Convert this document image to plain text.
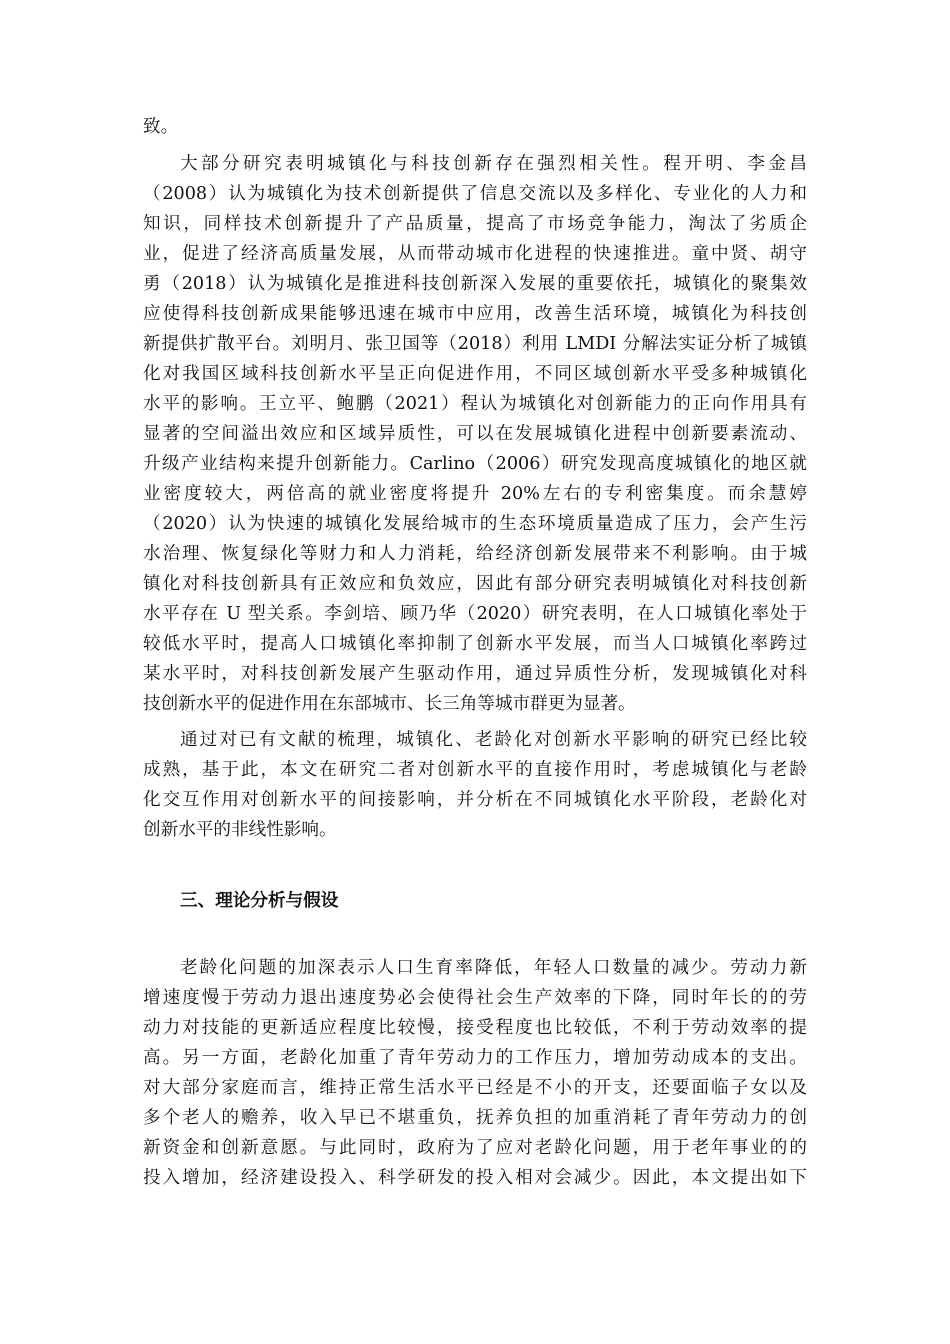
致。
大部分研究表明城镇化与科技创新存在强烈相关性。程开明、李金昌
（2008）认为城镇化为技术创新提供了信息交流以及多样化、专业化的人力和
知识，同样技术创新提升了产品质量，提高了市场竞争能力，淘汰了劣质企
业，促进了经济高质量发展，从而带动城市化进程的快速推进。童中贤、胡守
勇（2018）认为城镇化是推进科技创新深入发展的重要依托，城镇化的聚集效
应使得科技创新成果能够迅速在城市中应用，改善生活环境，城镇化为科技创
新提供扩散平台。刘明月、张卫国等（2018）利用 LMDI 分解法实证分析了城镇
化对我国区域科技创新水平呈正向促进作用，不同区域创新水平受多种城镇化
水平的影响。王立平、鲍鹏（2021）程认为城镇化对创新能力的正向作用具有
显著的空间溢出效应和区域异质性，可以在发展城镇化进程中创新要素流动、
升级产业结构来提升创新能力。Carlino（2006）研究发现高度城镇化的地区就
业密度较大，两倍高的就业密度将提升 20%左右的专利密集度。而余慧婷
（2020）认为快速的城镇化发展给城市的生态环境质量造成了压力，会产生污
水治理、恢复绿化等财力和人力消耗，给经济创新发展带来不利影响。由于城
镇化对科技创新具有正效应和负效应，因此有部分研究表明城镇化对科技创新
水平存在 U 型关系。李剑培、顾乃华（2020）研究表明，在人口城镇化率处于
较低水平时，提高人口城镇化率抑制了创新水平发展，而当人口城镇化率跨过
某水平时，对科技创新发展产生驱动作用，通过异质性分析，发现城镇化对科
技创新水平的促进作用在东部城市、长三角等城市群更为显著。
通过对已有文献的梳理，城镇化、老龄化对创新水平影响的研究已经比较
成熟，基于此，本文在研究二者对创新水平的直接作用时，考虑城镇化与老龄
化交互作用对创新水平的间接影响，并分析在不同城镇化水平阶段，老龄化对
创新水平的非线性影响。
三、理论分析与假设
老龄化问题的加深表示人口生育率降低，年轻人口数量的减少。劳动力新
增速度慢于劳动力退出速度势必会使得社会生产效率的下降，同时年长的的劳
动力对技能的更新适应程度比较慢，接受程度也比较低，不利于劳动效率的提
高。另一方面，老龄化加重了青年劳动力的工作压力，增加劳动成本的支出。
对大部分家庭而言，维持正常生活水平已经是不小的开支，还要面临子女以及
多个老人的赡养，收入早已不堪重负，抚养负担的加重消耗了青年劳动力的创
新资金和创新意愿。与此同时，政府为了应对老龄化问题，用于老年事业的的
投入增加，经济建设投入、科学研发的投入相对会减少。因此，本文提出如下
